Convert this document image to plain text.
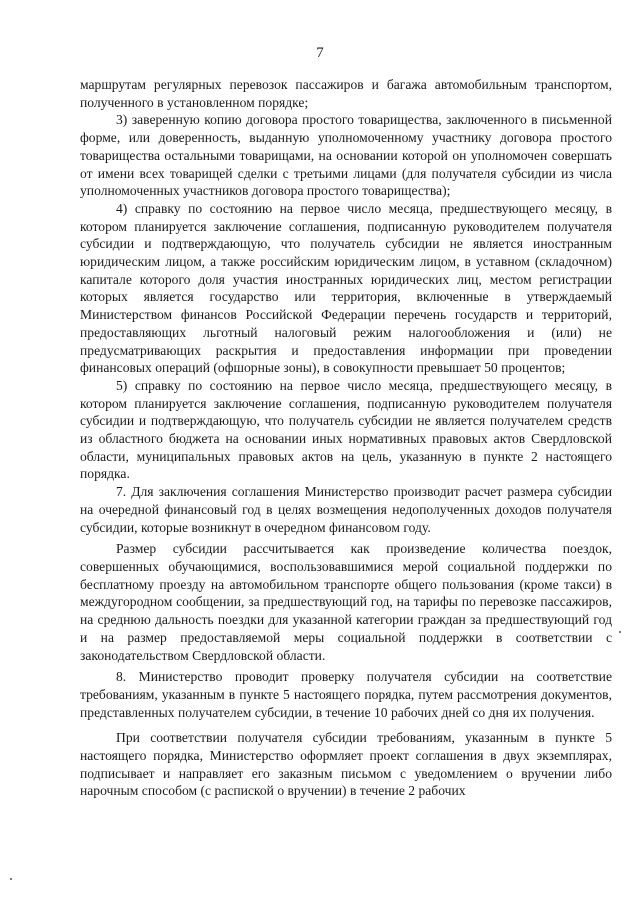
7

маршрутам регулярных перевозок пассажиров и багажа автомобильным транспортом, полученного в установленном порядке;

3) заверенную копию договора простого товарищества, заключенного в письменной форме, или доверенность, выданную уполномоченному участнику договора простого товарищества остальными товарищами, на основании которой он уполномочен совершать от имени всех товарищей сделки с третьими лицами (для получателя субсидии из числа уполномоченных участников договора простого товарищества);

4) справку по состоянию на первое число месяца, предшествующего месяцу, в котором планируется заключение соглашения, подписанную руководителем получателя субсидии и подтверждающую, что получатель субсидии не является иностранным юридическим лицом, а также российским юридическим лицом, в уставном (складочном) капитале которого доля участия иностранных юридических лиц, местом регистрации которых является государство или территория, включенные в утверждаемый Министерством финансов Российской Федерации перечень государств и территорий, предоставляющих льготный налоговый режим налогообложения и (или) не предусматривающих раскрытия и предоставления информации при проведении финансовых операций (офшорные зоны), в совокупности превышает 50 процентов;

5) справку по состоянию на первое число месяца, предшествующего месяцу, в котором планируется заключение соглашения, подписанную руководителем получателя субсидии и подтверждающую, что получатель субсидии не является получателем средств из областного бюджета на основании иных нормативных правовых актов Свердловской области, муниципальных правовых актов на цель, указанную в пункте 2 настоящего порядка.

7. Для заключения соглашения Министерство производит расчет размера субсидии на очередной финансовый год в целях возмещения недополученных доходов получателя субсидии, которые возникнут в очередном финансовом году.

Размер субсидии рассчитывается как произведение количества поездок, совершенных обучающимися, воспользовавшимися мерой социальной поддержки по бесплатному проезду на автомобильном транспорте общего пользования (кроме такси) в междугородном сообщении, за предшествующий год, на тарифы по перевозке пассажиров, на среднюю дальность поездки для указанной категории граждан за предшествующий год и на размер предоставляемой меры социальной поддержки в соответствии с законодательством Свердловской области.

8. Министерство проводит проверку получателя субсидии на соответствие требованиям, указанным в пункте 5 настоящего порядка, путем рассмотрения документов, представленных получателем субсидии, в течение 10 рабочих дней со дня их получения.

При соответствии получателя субсидии требованиям, указанным в пункте 5 настоящего порядка, Министерство оформляет проект соглашения в двух экземплярах, подписывает и направляет его заказным письмом с уведомлением о вручении либо нарочным способом (с распиской о вручении) в течение 2 рабочих
